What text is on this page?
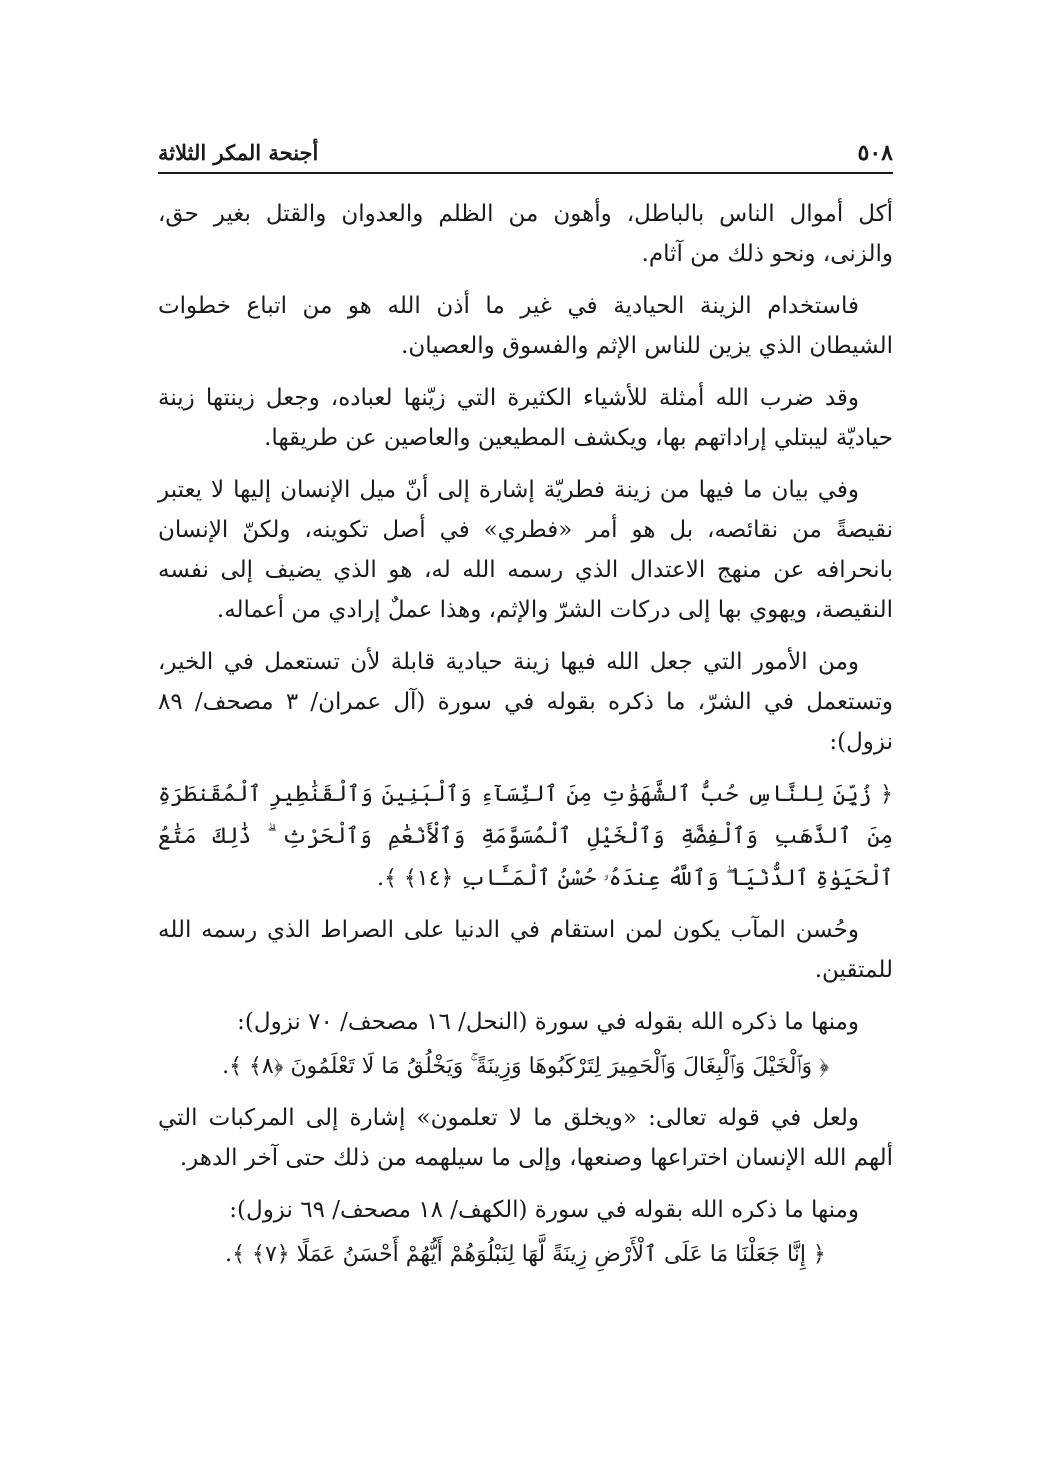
٥٠٨
أجنحة المكر الثلاثة

أكل أموال الناس بالباطل، وأهون من الظلم والعدوان والقتل بغير حق، والزنى، ونحو ذلك من آثام.

فاستخدام الزينة الحيادية في غير ما أذن الله هو من اتباع خطوات الشيطان الذي يزين للناس الإثم والفسوق والعصيان.

وقد ضرب الله أمثلة للأشياء الكثيرة التي زيّنها لعباده، وجعل زينتها زينة حياديّة ليبتلي إراداتهم بها، ويكشف المطيعين والعاصين عن طريقها.

وفي بيان ما فيها من زينة فطريّة إشارة إلى أنّ ميل الإنسان إليها لا يعتبر نقيصةً من نقائصه، بل هو أمر «فطري» في أصل تكوينه، ولكنّ الإنسان بانحرافه عن منهج الاعتدال الذي رسمه الله له، هو الذي يضيف إلى نفسه النقيصة، ويهوي بها إلى دركات الشرّ والإثم، وهذا عملٌ إرادي من أعماله.

ومن الأمور التي جعل الله فيها زينة حيادية قابلة لأن تستعمل في الخير، وتستعمل في الشرّ، ما ذكره بقوله في سورة (آل عمران/ ٣ مصحف/ ٨٩ نزول):

﴿ زُيِّنَ لِلنَّاسِ حُبُّ ٱلشَّهَوَٰتِ مِنَ ٱلنِّسَآءِ وَٱلْبَنِينَ وَٱلْقَنَٰطِيرِ ٱلْمُقَنطَرَةِ مِنَ ٱلذَّهَبِ وَٱلْفِضَّةِ وَٱلْخَيْلِ ٱلْمُسَوَّمَةِ وَٱلْأَنْعَٰمِ وَٱلْحَرْثِ ۗ ذَٰلِكَ مَتَٰعُ ٱلْحَيَوٰةِ ٱلدُّنْيَا ۖ وَٱللَّهُ عِندَهُۥ حُسْنُ ٱلْمَـَٔابِ ﴿١٤﴾ ﴾.

وحُسن المآب يكون لمن استقام في الدنيا على الصراط الذي رسمه الله للمتقين.

ومنها ما ذكره الله بقوله في سورة (النحل/ ١٦ مصحف/ ٧٠ نزول):

﴿ وَٱلْخَيْلَ وَٱلْبِغَالَ وَٱلْحَمِيرَ لِتَرْكَبُوهَا وَزِينَةً ۚ وَيَخْلُقُ مَا لَا تَعْلَمُونَ ﴿٨﴾ ﴾.

ولعل في قوله تعالى: «ويخلق ما لا تعلمون» إشارة إلى المركبات التي ألهم الله الإنسان اختراعها وصنعها، وإلى ما سيلهمه من ذلك حتى آخر الدهر.

ومنها ما ذكره الله بقوله في سورة (الكهف/ ١٨ مصحف/ ٦٩ نزول):

﴿ إِنَّا جَعَلْنَا مَا عَلَى ٱلْأَرْضِ زِينَةً لَّهَا لِنَبْلُوَهُمْ أَيُّهُمْ أَحْسَنُ عَمَلًا ﴿٧﴾ ﴾.
